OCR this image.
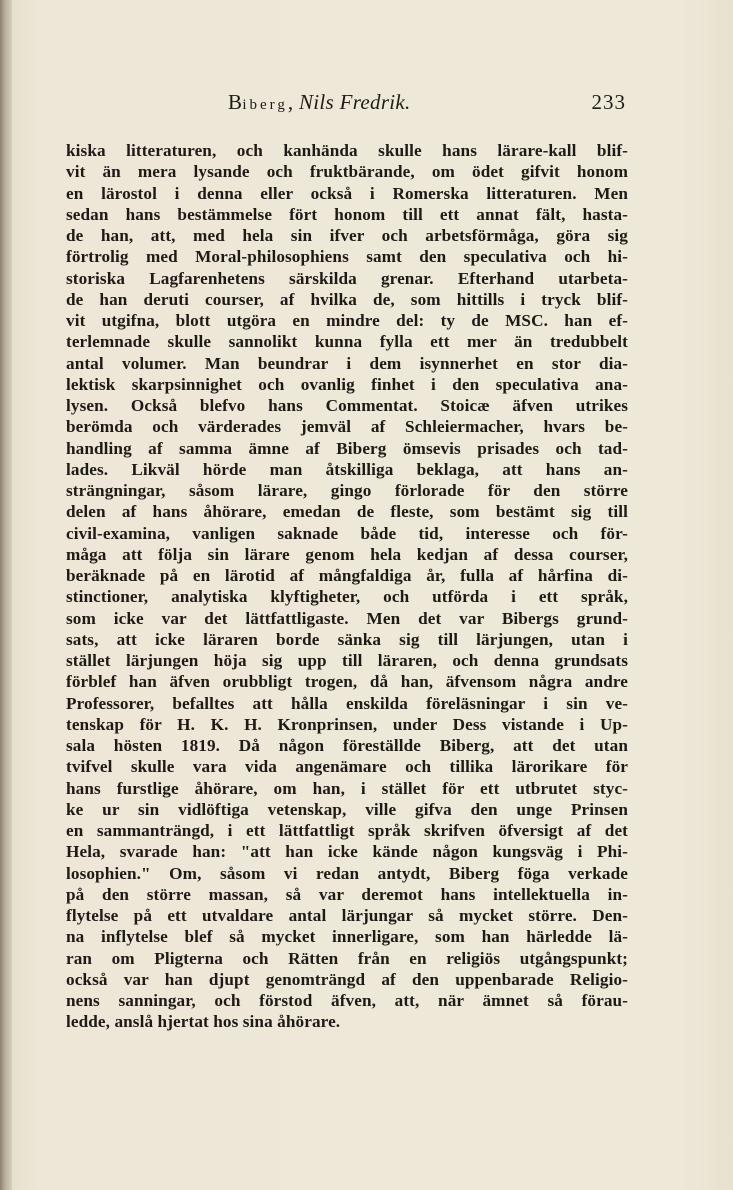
Biberg, Nils Fredrik.	233
kiska litteraturen, och kanhända skulle hans lärare-kall blif-
vit än mera lysande och fruktbärande, om ödet gifvit honom
en lärostol i denna eller också i Romerska litteraturen. Men
sedan hans bestämmelse fört honom till ett annat fält, hasta-
de han, att, med hela sin ifver och arbetsförmåga, göra sig
förtrolig med Moral-philosophiens samt den speculativa och hi-
storiska Lagfarenhetens särskilda grenar. Efterhand utarbeta-
de han deruti courser, af hvilka de, som hittills i tryck blif-
vit utgifna, blott utgöra en mindre del: ty de MSC. han ef-
terlemnade skulle sannolikt kunna fylla ett mer än tredubbelt
antal volumer. Man beundrar i dem isynnerhet en stor dia-
lektisk skarpsinnighet och ovanlig finhet i den speculativa ana-
lysen. Också blefvo hans Commentat. Stoicæ äfven utrikes
berömda och värderades jemväl af Schleiermacher, hvars be-
handling af samma ämne af Biberg ömsevis prisades och tad-
lades. Likväl hörde man åtskilliga beklaga, att hans an-
strängningar, såsom lärare, gingo förlorade för den större
delen af hans åhörare, emedan de fleste, som bestämt sig till
civil-examina, vanligen saknade både tid, interesse och för-
måga att följa sin lärare genom hela kedjan af dessa courser,
beräknade på en lärotid af mångfaldiga år, fulla af hårfina di-
stinctioner, analytiska klyftigheter, och utförda i ett språk,
som icke var det lättfattligaste. Men det var Bibergs grund-
sats, att icke läraren borde sänka sig till lärjungen, utan i
stället lärjungen höja sig upp till läraren, och denna grundsats
förblef han äfven orubbligt trogen, då han, äfvensom några andre
Professorer, befalltes att hålla enskilda föreläsningar i sin ve-
tenskap för H. K. H. Kronprinsen, under Dess vistande i Up-
sala hösten 1819. Då någon föreställde Biberg, att det utan
tvifvel skulle vara vida angenämare och tillika lärorikare för
hans furstlige åhörare, om han, i stället för ett utbrutet styc-
ke ur sin vidlöftiga vetenskap, ville gifva den unge Prinsen
en sammanträngd, i ett lättfattligt språk skrifven öfversigt af det
Hela, svarade han: "att han icke kände någon kungsväg i Phi-
losophien." Om, såsom vi redan antydt, Biberg föga verkade
på den större massan, så var deremot hans intellektuella in-
flytelse på ett utvaldare antal lärjungar så mycket större. Den-
na inflytelse blef så mycket innerligare, som han härledde lä-
ran om Pligterna och Rätten från en religiös utgångspunkt;
också var han djupt genomträngd af den uppenbarade Religio-
nens sanningar, och förstod äfven, att, när ämnet så förau-
ledde, anslå hjertat hos sina åhörare.
